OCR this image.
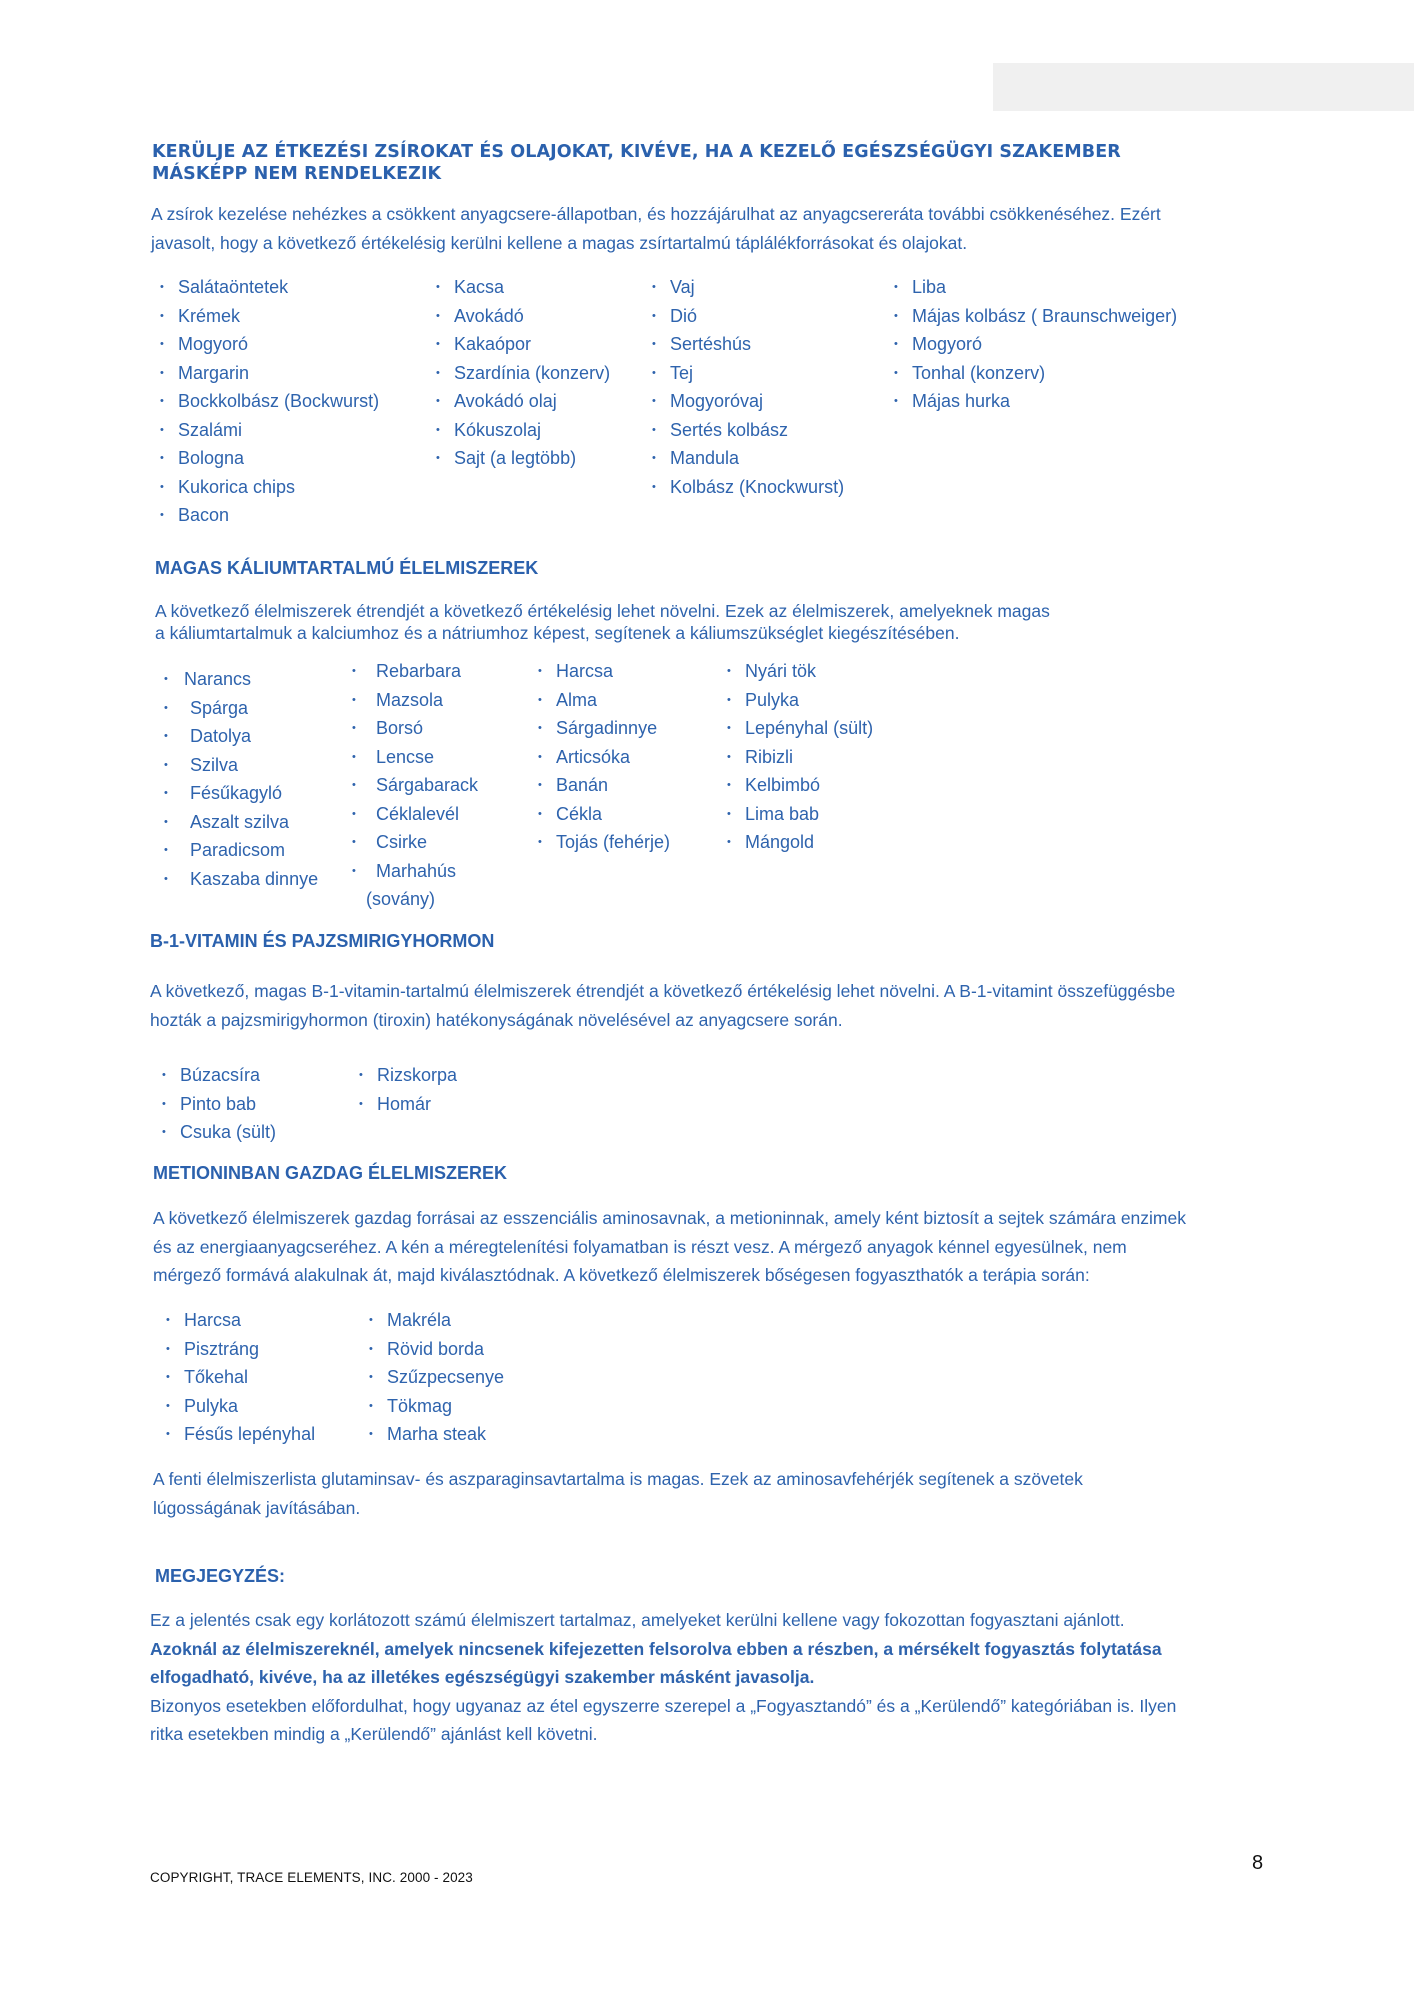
KERÜLJE AZ ÉTKEZÉSI ZSÍROKAT ÉS OLAJOKAT, KIVÉVE, HA A KEZELŐ EGÉSZSÉGÜGYI SZAKEMBER
MÁSKÉPP NEM RENDELKEZIK
A zsírok kezelése nehézkes a csökkent anyagcsere-állapotban, és hozzájárulhat az anyagcsereráta további csökkenéséhez. Ezért
javasolt, hogy a következő értékelésig kerülni kellene a magas zsírtartalmú táplálékforrásokat és olajokat.
• Salátaöntetek
• Krémek
• Mogyoró
• Margarin
• Bockkolbász (Bockwurst)
• Szalámi
• Bologna
• Kukorica chips
• Bacon
• Kacsa
• Avokádó
• Kakaópor
• Szardínia (konzerv)
• Avokádó olaj
• Kókuszolaj
• Sajt (a legtöbb)
• Vaj
• Dió
• Sertéshús
• Tej
• Mogyoróvaj
• Sertés kolbász
• Mandula
• Kolbász (Knockwurst)
• Liba
• Májas kolbász ( Braunschweiger)
• Mogyoró
• Tonhal (konzerv)
• Májas hurka
MAGAS KÁLIUMTARTALMÚ ÉLELMISZEREK
A következő élelmiszerek étrendjét a következő értékelésig lehet növelni. Ezek az élelmiszerek, amelyeknek magas
a káliumtartalmuk a kalciumhoz és a nátriumhoz képest, segítenek a káliumszükséglet kiegészítésében.
• Narancs
• Spárga
• Datolya
• Szilva
• Fésűkagyló
• Aszalt szilva
• Paradicsom
• Kaszaba dinnye
• Rebarbara
• Mazsola
• Borsó
• Lencse
• Sárgabarack
• Céklalevél
• Csirke
• Marhahús
(sovány)
• Harcsa
• Alma
• Sárgadinnye
• Articsóka
• Banán
• Cékla
• Tojás (fehérje)
• Nyári tök
• Pulyka
• Lepényhal (sült)
• Ribizli
• Kelbimbó
• Lima bab
• Mángold
B-1-VITAMIN ÉS PAJZSMIRIGYHORMON
A következő, magas B-1-vitamin-tartalmú élelmiszerek étrendjét a következő értékelésig lehet növelni. A B-1-vitamint összefüggésbe
hozták a pajzsmirigyhormon (tiroxin) hatékonyságának növelésével az anyagcsere során.
• Búzacsíra
• Pinto bab
• Csuka (sült)
• Rizskorpa
• Homár
METIONINBAN GAZDAG ÉLELMISZEREK
A következő élelmiszerek gazdag forrásai az esszenciális aminosavnak, a metioninnak, amely ként biztosít a sejtek számára enzimek
és az energiaanyagcseréhez. A kén a méregtelenítési folyamatban is részt vesz. A mérgező anyagok kénnel egyesülnek, nem
mérgező formává alakulnak át, majd kiválasztódnak. A következő élelmiszerek bőségesen fogyaszthatók a terápia során:
• Harcsa
• Pisztráng
• Tőkehal
• Pulyka
• Fésűs lepényhal
• Makréla
• Rövid borda
• Szűzpecsenye
• Tökmag
• Marha steak
A fenti élelmiszerlista glutaminsav- és aszparaginsavtartalma is magas. Ezek az aminosavfehérjék segítenek a szövetek
lúgosságának javításában.
MEGJEGYZÉS:
Ez a jelentés csak egy korlátozott számú élelmiszert tartalmaz, amelyeket kerülni kellene vagy fokozottan fogyasztani ajánlott.
Azoknál az élelmiszereknél, amelyek nincsenek kifejezetten felsorolva ebben a részben, a mérsékelt fogyasztás folytatása
elfogadható, kivéve, ha az illetékes egészségügyi szakember másként javasolja.
Bizonyos esetekben előfordulhat, hogy ugyanaz az étel egyszerre szerepel a „Fogyasztandó” és a „Kerülendő” kategóriában is. Ilyen
ritka esetekben mindig a „Kerülendő” ajánlást kell követni.
COPYRIGHT, TRACE ELEMENTS, INC. 2000 - 2023
8
